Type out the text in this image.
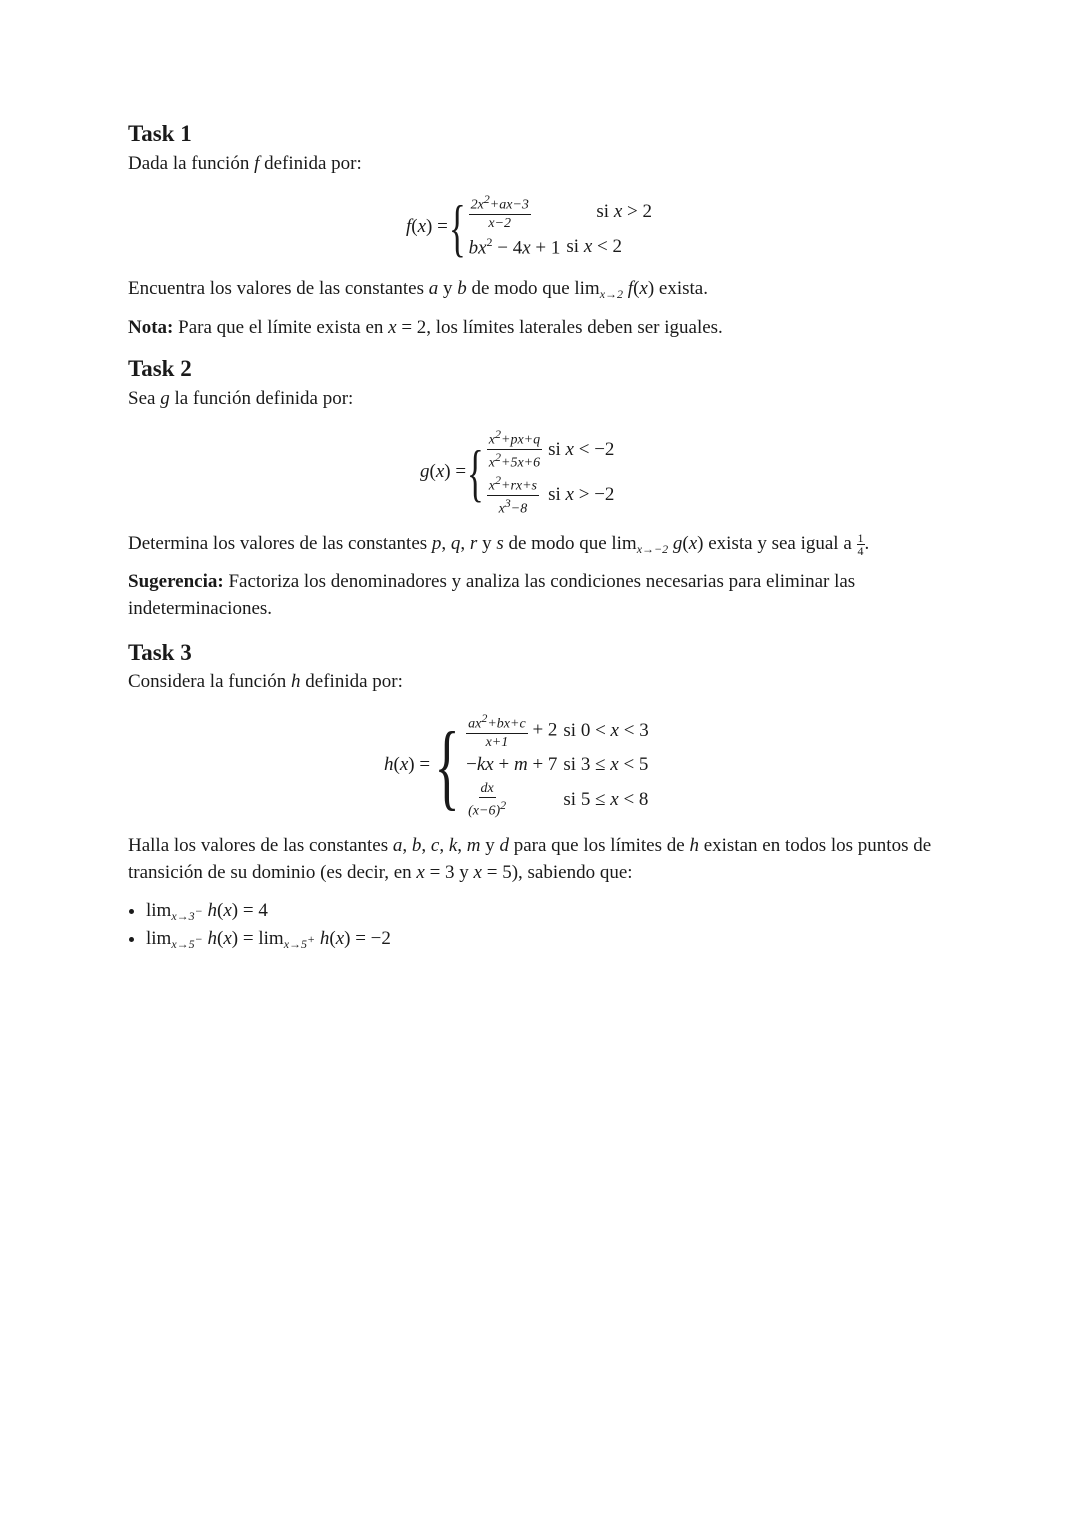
Task 1

Dada la función f definida por:

f(x) = { $\frac{2x^2+ax-3}{x-2}$	si x > 2
$bx^2 - 4x + 1$ si x < 2

Encuentra los valores de las constantes a y b de modo que $\lim_{x\to 2} f(x)$ exista.

Nota: Para que el límite exista en x = 2, los límites laterales deben ser iguales.

Task 2

Sea g la función definida por:

g(x) = { $\frac{x^2+px+q}{x^2+5x+6}$ si x < −2
$\frac{x^2+rx+s}{x^3-8}$ si x > −2

Determina los valores de las constantes p, q, r y s de modo que $\lim_{x\to-2} g(x)$ exista y sea igual a $\frac{1}{4}$ .

Sugerencia: Factoriza los denominadores y analiza las condiciones necesarias para eliminar las indeterminaciones.

Task 3

Considera la función h definida por:

h(x) = { $\frac{ax^2+bx+c}{x+1} + 2$ si 0 < x < 3
−kx + m + 7 si 3 ≤ x < 5
$\frac{dx}{(x-6)^2}$	si 5 ≤ x < 8

Halla los valores de las constantes a, b, c, k, m y d para que los límites de h existan en todos los puntos de transición de su dominio (es decir, en x = 3 y x = 5), sabiendo que:

• $\lim_{x\to 3^-} h(x) = 4$
• $\lim_{x\to 5^-} h(x) = \lim_{x\to 5^+} h(x) = -2$
